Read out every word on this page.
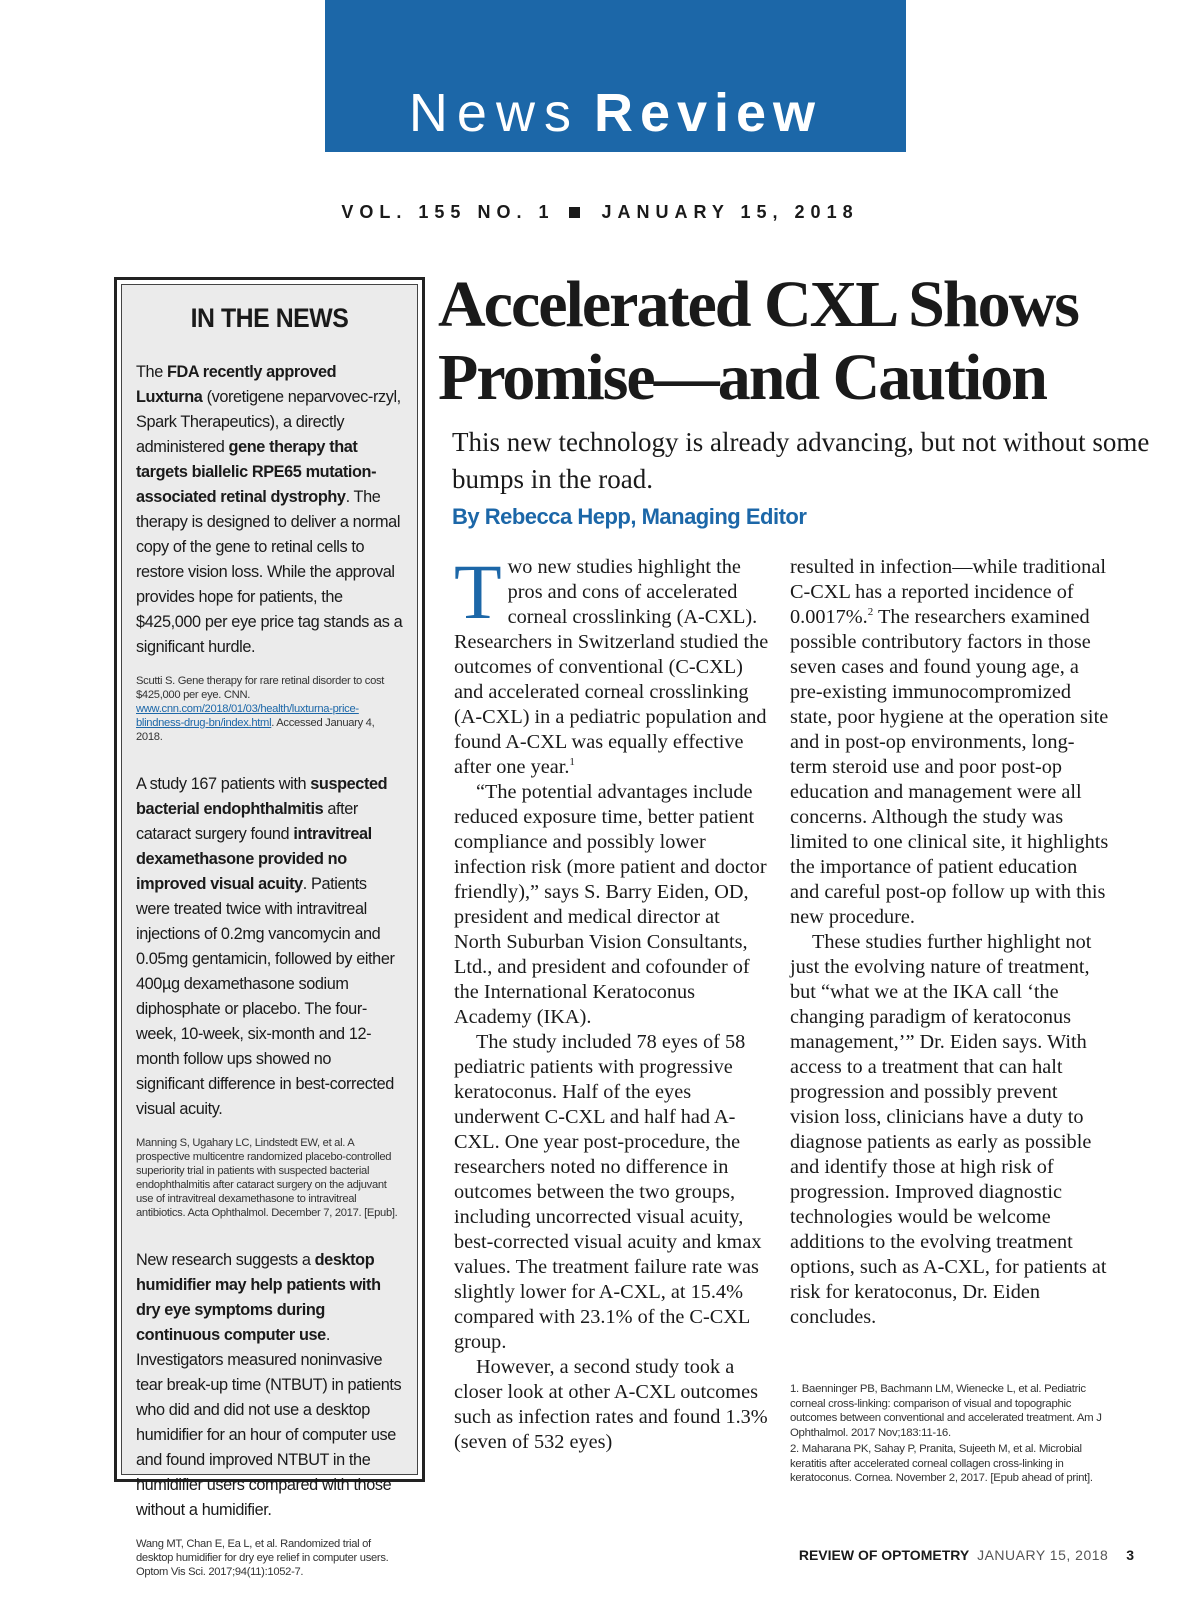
News Review
VOL. 155 NO. 1	JANUARY 15, 2018
IN THE NEWS

The FDA recently approved Luxturna (voretigene neparvovec-rzyl, Spark Therapeutics), a directly administered gene therapy that targets biallelic RPE65 mutation-associated retinal dystrophy. The therapy is designed to deliver a normal copy of the gene to retinal cells to restore vision loss. While the approval provides hope for patients, the $425,000 per eye price tag stands as a significant hurdle.

Scutti S. Gene therapy for rare retinal disorder to cost $425,000 per eye. CNN. www.cnn.com/2018/01/03/health/luxturna-price-blindness-drug-bn/index.html. Accessed January 4, 2018.

A study 167 patients with suspected bacterial endophthalmitis after cataract surgery found intravitreal dexamethasone provided no improved visual acuity. Patients were treated twice with intravitreal injections of 0.2mg vancomycin and 0.05mg gentamicin, followed by either 400µg dexamethasone sodium diphosphate or placebo. The four-week, 10-week, six-month and 12-month follow ups showed no significant difference in best-corrected visual acuity.

Manning S, Ugahary LC, Lindstedt EW, et al. A prospective multicentre randomized placebo-controlled superiority trial in patients with suspected bacterial endophthalmitis after cataract surgery on the adjuvant use of intravitreal dexamethasone to intravitreal antibiotics. Acta Ophthalmol. December 7, 2017. [Epub].

New research suggests a desktop humidifier may help patients with dry eye symptoms during continuous computer use. Investigators measured noninvasive tear break-up time (NTBUT) in patients who did and did not use a desktop humidifier for an hour of computer use and found improved NTBUT in the humidifier users compared with those without a humidifier.

Wang MT, Chan E, Ea L, et al. Randomized trial of desktop humidifier for dry eye relief in computer users. Optom Vis Sci. 2017;94(11):1052-7.

Accelerated CXL Shows Promise—and Caution

This new technology is already advancing, but not without some bumps in the road.

By Rebecca Hepp, Managing Editor

Two new studies highlight the pros and cons of accelerated corneal crosslinking (A-CXL). Researchers in Switzerland studied the outcomes of conventional (C-CXL) and accelerated corneal crosslinking (A-CXL) in a pediatric population and found A-CXL was equally effective after one year.$^1$

“The potential advantages include reduced exposure time, better patient compliance and possibly lower infection risk (more patient and doctor friendly),” says S. Barry Eiden, OD, president and medical director at North Suburban Vision Consultants, Ltd., and president and cofounder of the International Keratoconus Academy (IKA).

The study included 78 eyes of 58 pediatric patients with progressive keratoconus. Half of the eyes underwent C-CXL and half had A-CXL. One year post-procedure, the researchers noted no difference in outcomes between the two groups, including uncorrected visual acuity, best-corrected visual acuity and kmax values. The treatment failure rate was slightly lower for A-CXL, at 15.4% compared with 23.1% of the C-CXL group.

However, a second study took a closer look at other A-CXL outcomes such as infection rates and found 1.3% (seven of 532 eyes)

resulted in infection—while traditional C-CXL has a reported incidence of 0.0017%.$^2$ The researchers examined possible contributory factors in those seven cases and found young age, a pre-existing immunocompromized state, poor hygiene at the operation site and in post-op environments, long-term steroid use and poor post-op education and management were all concerns. Although the study was limited to one clinical site, it highlights the importance of patient education and careful post-op follow up with this new procedure.

These studies further highlight not just the evolving nature of treatment, but “what we at the IKA call ‘the changing paradigm of keratoconus management,’” Dr. Eiden says. With access to a treatment that can halt progression and possibly prevent vision loss, clinicians have a duty to diagnose patients as early as possible and identify those at high risk of progression. Improved diagnostic technologies would be welcome additions to the evolving treatment options, such as A-CXL, for patients at risk for keratoconus, Dr. Eiden concludes.

1. Baenninger PB, Bachmann LM, Wienecke L, et al. Pediatric corneal cross-linking: comparison of visual and topographic outcomes between conventional and accelerated treatment. Am J Ophthalmol. 2017 Nov;183:11-16.

2. Maharana PK, Sahay P, Pranita, Sujeeth M, et al. Microbial keratitis after accelerated corneal collagen cross-linking in keratoconus. Cornea. November 2, 2017. [Epub ahead of print].

REVIEW OF OPTOMETRY JANUARY 15, 2018 3
